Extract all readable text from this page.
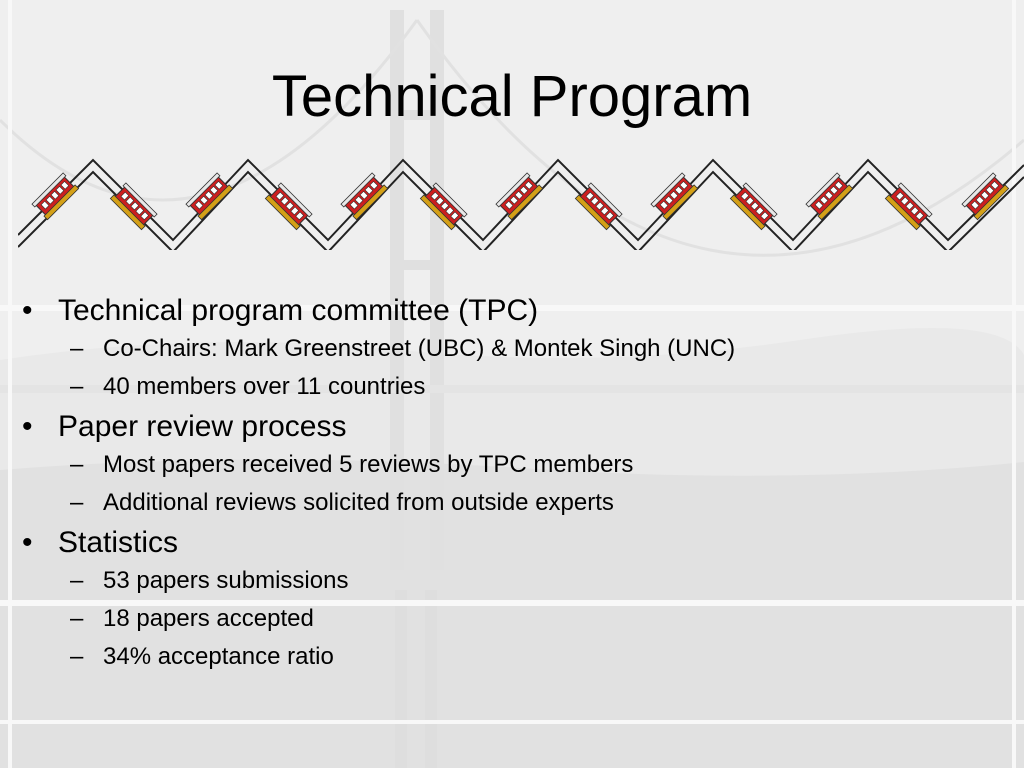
Technical Program
• Technical program committee (TPC)
– Co-Chairs: Mark Greenstreet (UBC) & Montek Singh (UNC)
– 40 members over 11 countries
• Paper review process
– Most papers received 5 reviews by TPC members
– Additional reviews solicited from outside experts
• Statistics
– 53 papers submissions
– 18 papers accepted
– 34% acceptance ratio
